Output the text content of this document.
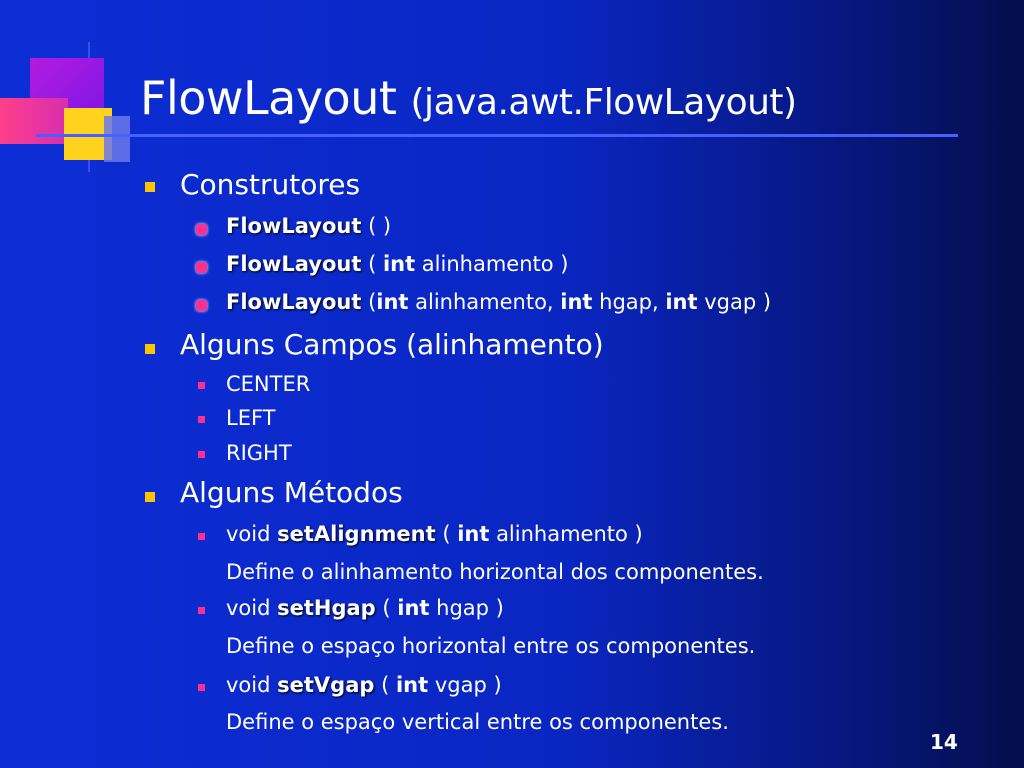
FlowLayout (java.awt.FlowLayout)
Construtores
FlowLayout ( )
FlowLayout ( int alinhamento )
FlowLayout (int alinhamento, int hgap, int vgap )
Alguns Campos (alinhamento)
CENTER
LEFT
RIGHT
Alguns Métodos
void setAlignment ( int alinhamento )
Define o alinhamento horizontal dos componentes.
void setHgap ( int hgap )
Define o espaço horizontal entre os componentes.
void setVgap ( int vgap )
Define o espaço vertical entre os componentes.
14
